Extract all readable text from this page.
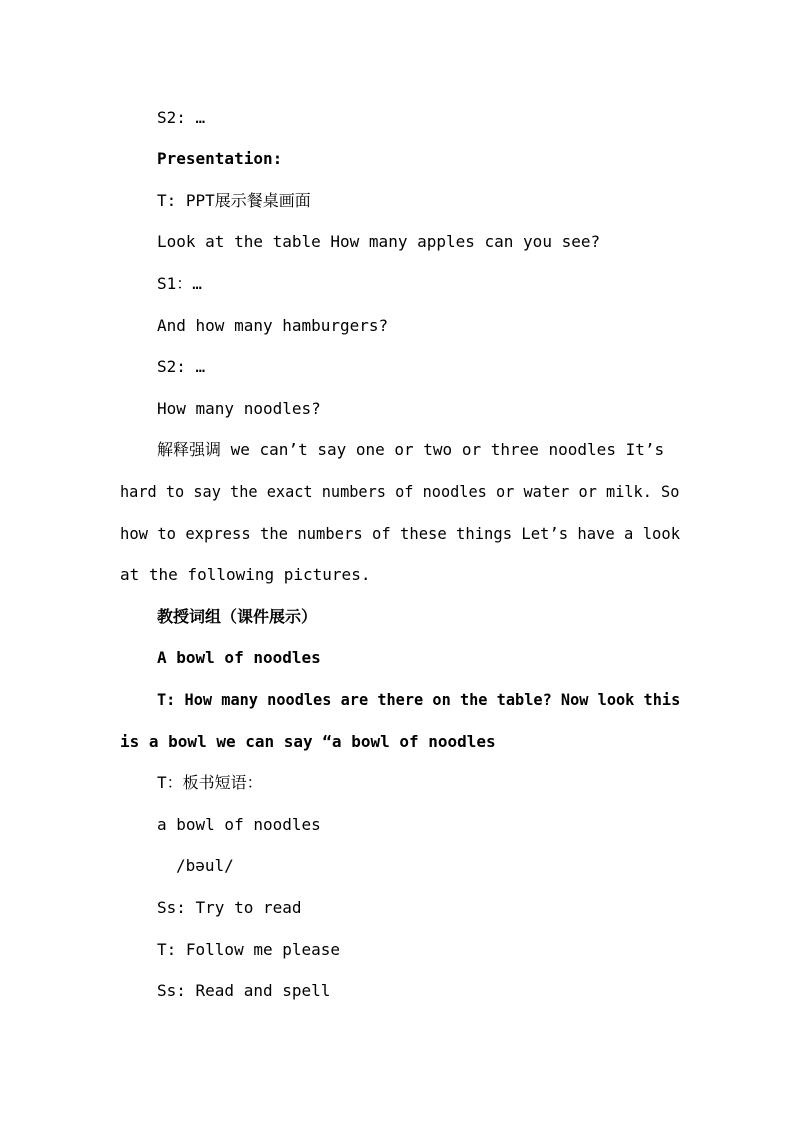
S2: …
Presentation:
T: PPT展示餐桌画面
Look at the table How many apples can you see?
S1：…
And how many hamburgers?
S2: …
How many noodles?
解释强调 we can’t say one or two or three noodles It’s
hard to say the exact numbers of noodles or water or milk. So
how to express the numbers of these things Let’s have a look
at the following pictures.
教授词组（课件展示）
A bowl of noodles
T: How many noodles are there on the table? Now look this
is a bowl we can say “a bowl of noodles
T：板书短语：
a bowl of noodles
/bəul/
Ss: Try to read
T: Follow me please
Ss: Read and spell
